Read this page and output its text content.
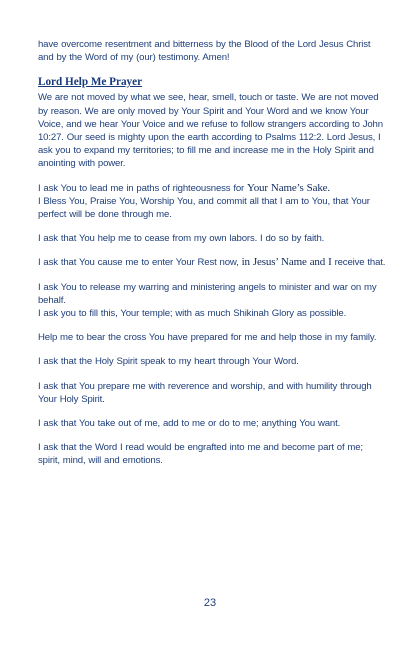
have overcome resentment and bitterness by the Blood of the Lord Jesus Christ and by the Word of my (our) testimony. Amen!

Lord Help Me Prayer

We are not moved by what we see, hear, smell, touch or taste. We are not moved by reason. We are only moved by Your Spirit and Your Word and we know Your Voice, and we hear Your Voice and we refuse to follow strangers according to John 10:27. Our seed is mighty upon the earth according to Psalms 112:2. Lord Jesus, I ask you to expand my territories; to fill me and increase me in the Holy Spirit and anointing with power.

I ask You to lead me in paths of righteousness for Your Name’s Sake.
I Bless You, Praise You, Worship You, and commit all that I am to You, that Your perfect will be done through me.

I ask that You help me to cease from my own labors. I do so by faith.

I ask that You cause me to enter Your Rest now, in Jesus’ Name and I receive that.

I ask You to release my warring and ministering angels to minister and war on my behalf.

I ask you to fill this, Your temple; with as much Shikinah Glory as possible.

Help me to bear the cross You have prepared for me and help those in my family.

I ask that the Holy Spirit speak to my heart through Your Word.

I ask that You prepare me with reverence and worship, and with humility through Your Holy Spirit.

I ask that You take out of me, add to me or do to me; anything You want.

I ask that the Word I read would be engrafted into me and become part of me; spirit, mind, will and emotions.

23
